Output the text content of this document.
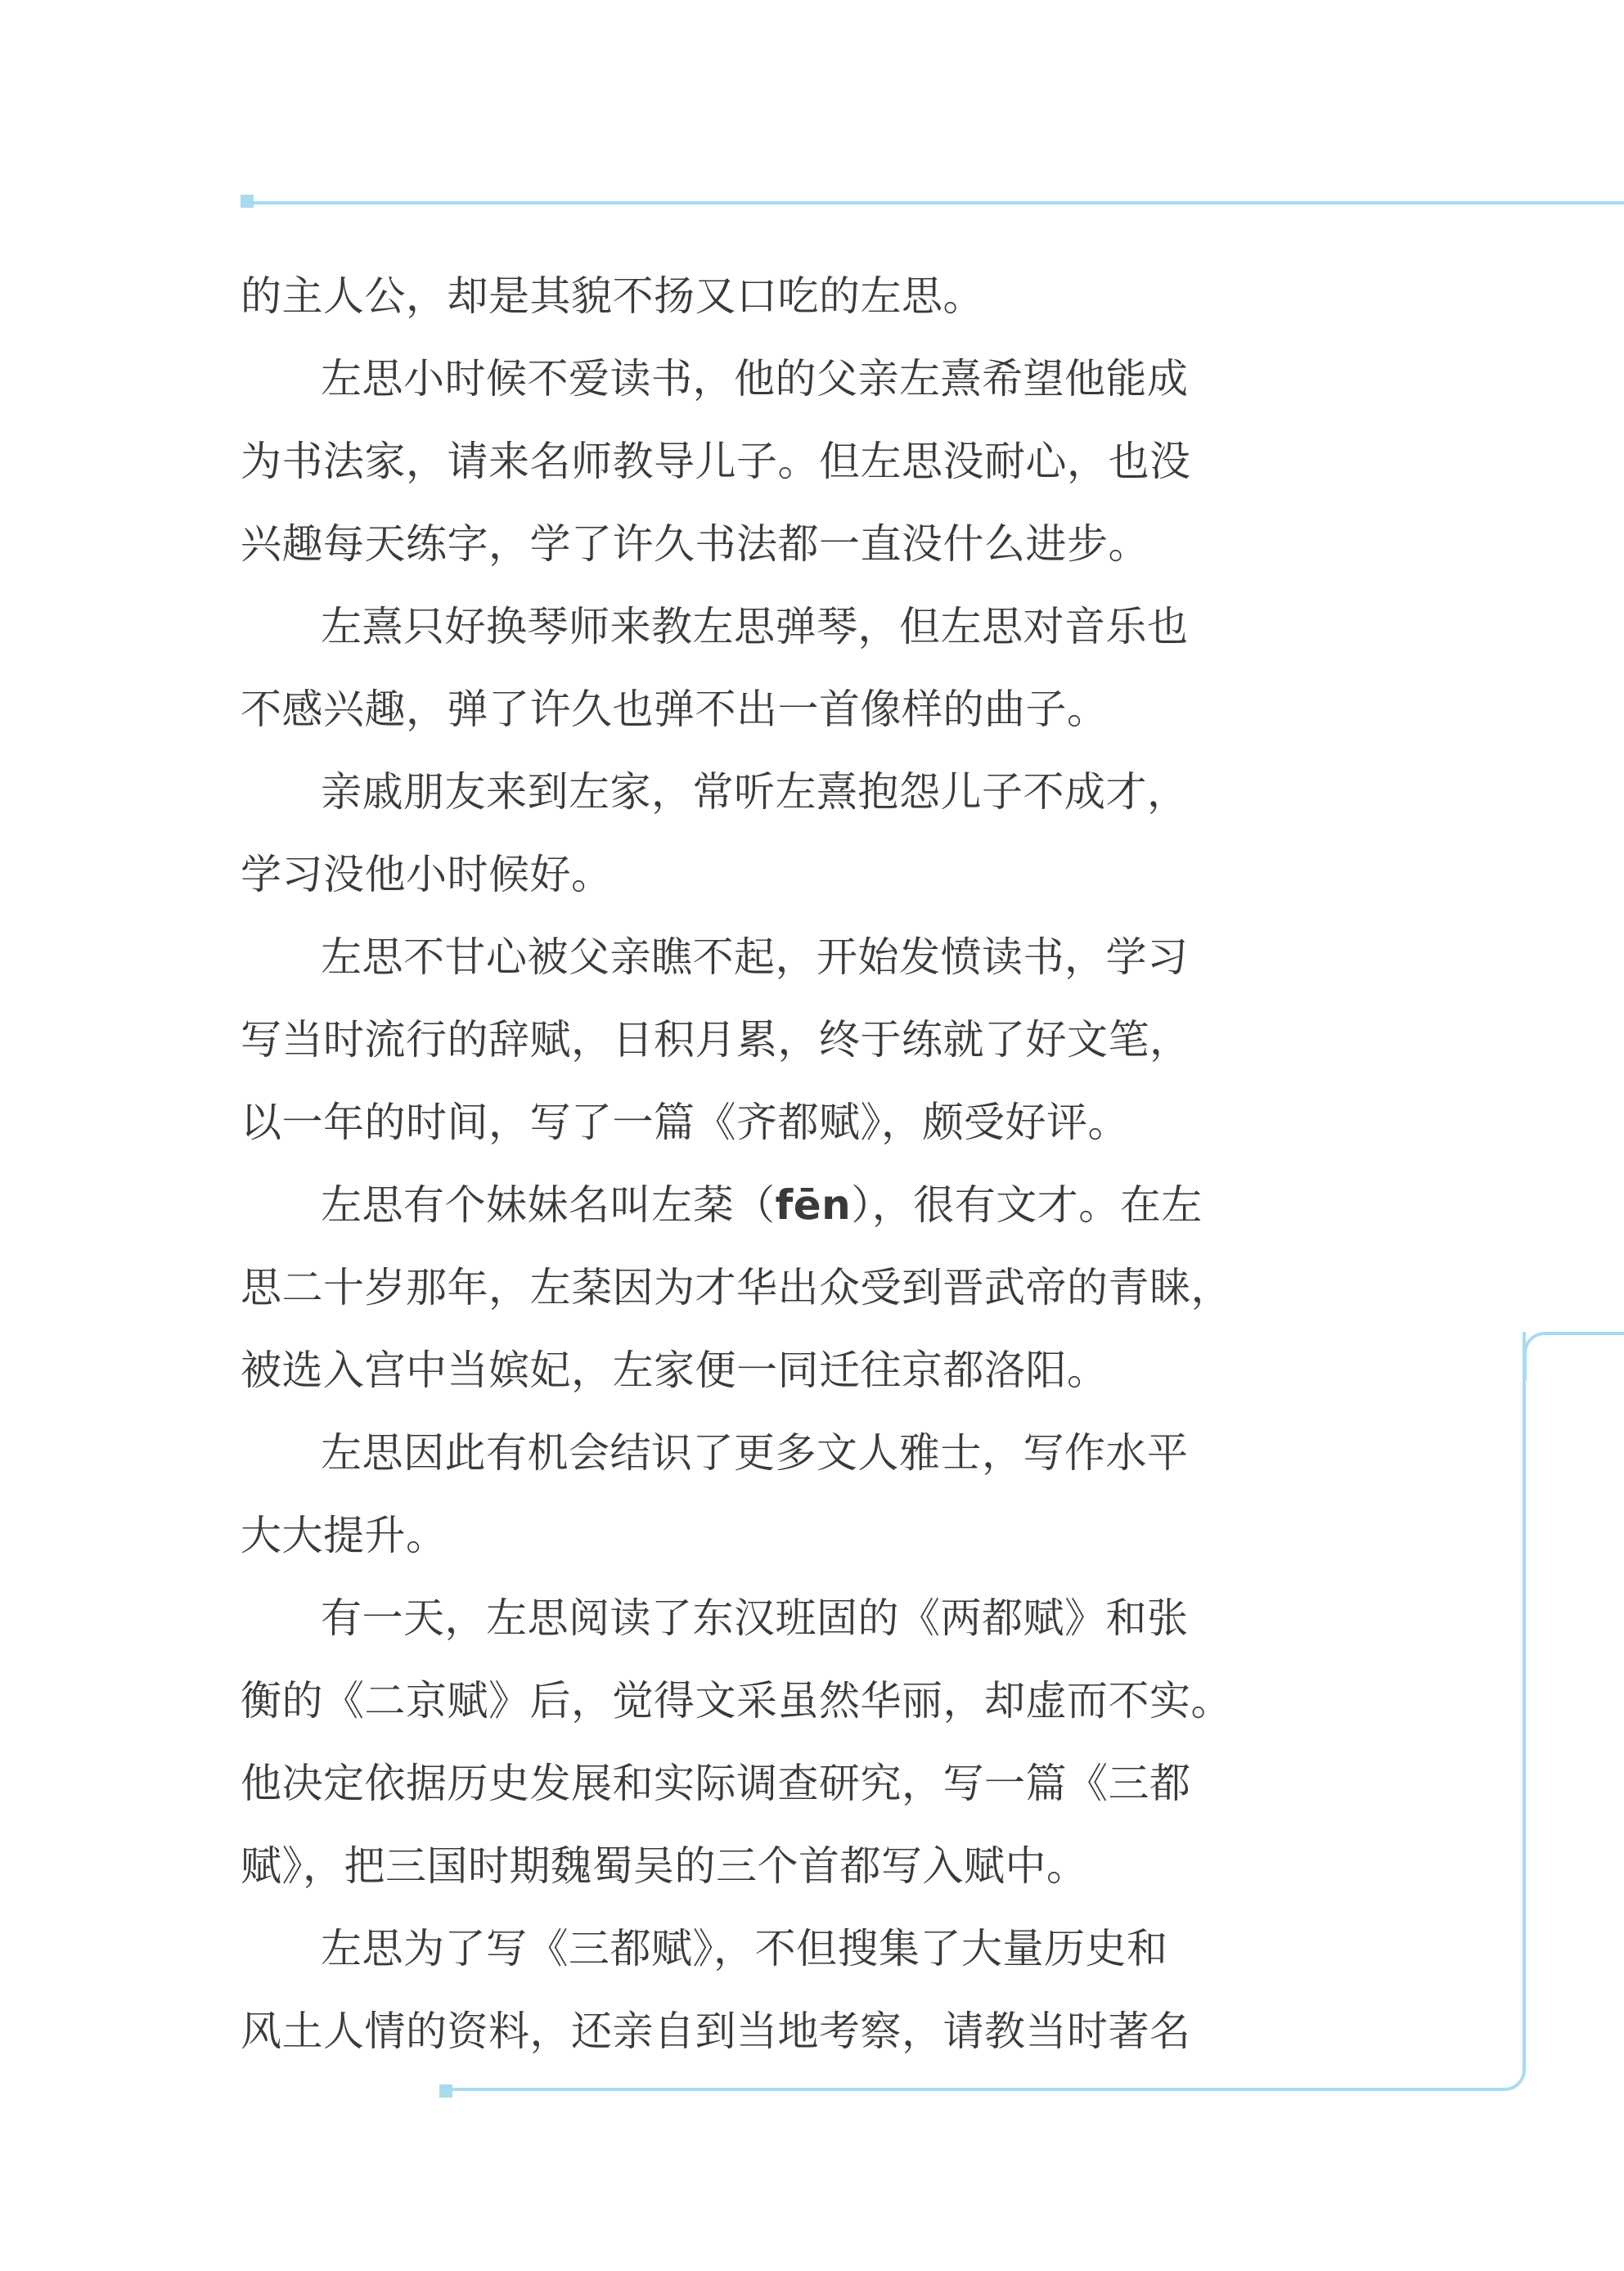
的主人公，却是其貌不扬又口吃的左思。
左思小时候不爱读书，他的父亲左熹希望他能成
为书法家，请来名师教导儿子。但左思没耐心，也没
兴趣每天练字，学了许久书法都一直没什么进步。
左熹只好换琴师来教左思弹琴，但左思对音乐也
不感兴趣，弹了许久也弹不出一首像样的曲子。
亲戚朋友来到左家，常听左熹抱怨儿子不成才，
学习没他小时候好。
左思不甘心被父亲瞧不起，开始发愤读书，学习
写当时流行的辞赋，日积月累，终于练就了好文笔，
以一年的时间，写了一篇《齐都赋》，颇受好评。
左思有个妹妹名叫左棻（fēn），很有文才。在左
思二十岁那年，左棻因为才华出众受到晋武帝的青睐，
被选入宫中当嫔妃，左家便一同迁往京都洛阳。
左思因此有机会结识了更多文人雅士，写作水平
大大提升。
有一天，左思阅读了东汉班固的《两都赋》和张
衡的《二京赋》后，觉得文采虽然华丽，却虚而不实。
他决定依据历史发展和实际调查研究，写一篇《三都
赋》，把三国时期魏蜀吴的三个首都写入赋中。
左思为了写《三都赋》，不但搜集了大量历史和
风土人情的资料，还亲自到当地考察，请教当时著名
